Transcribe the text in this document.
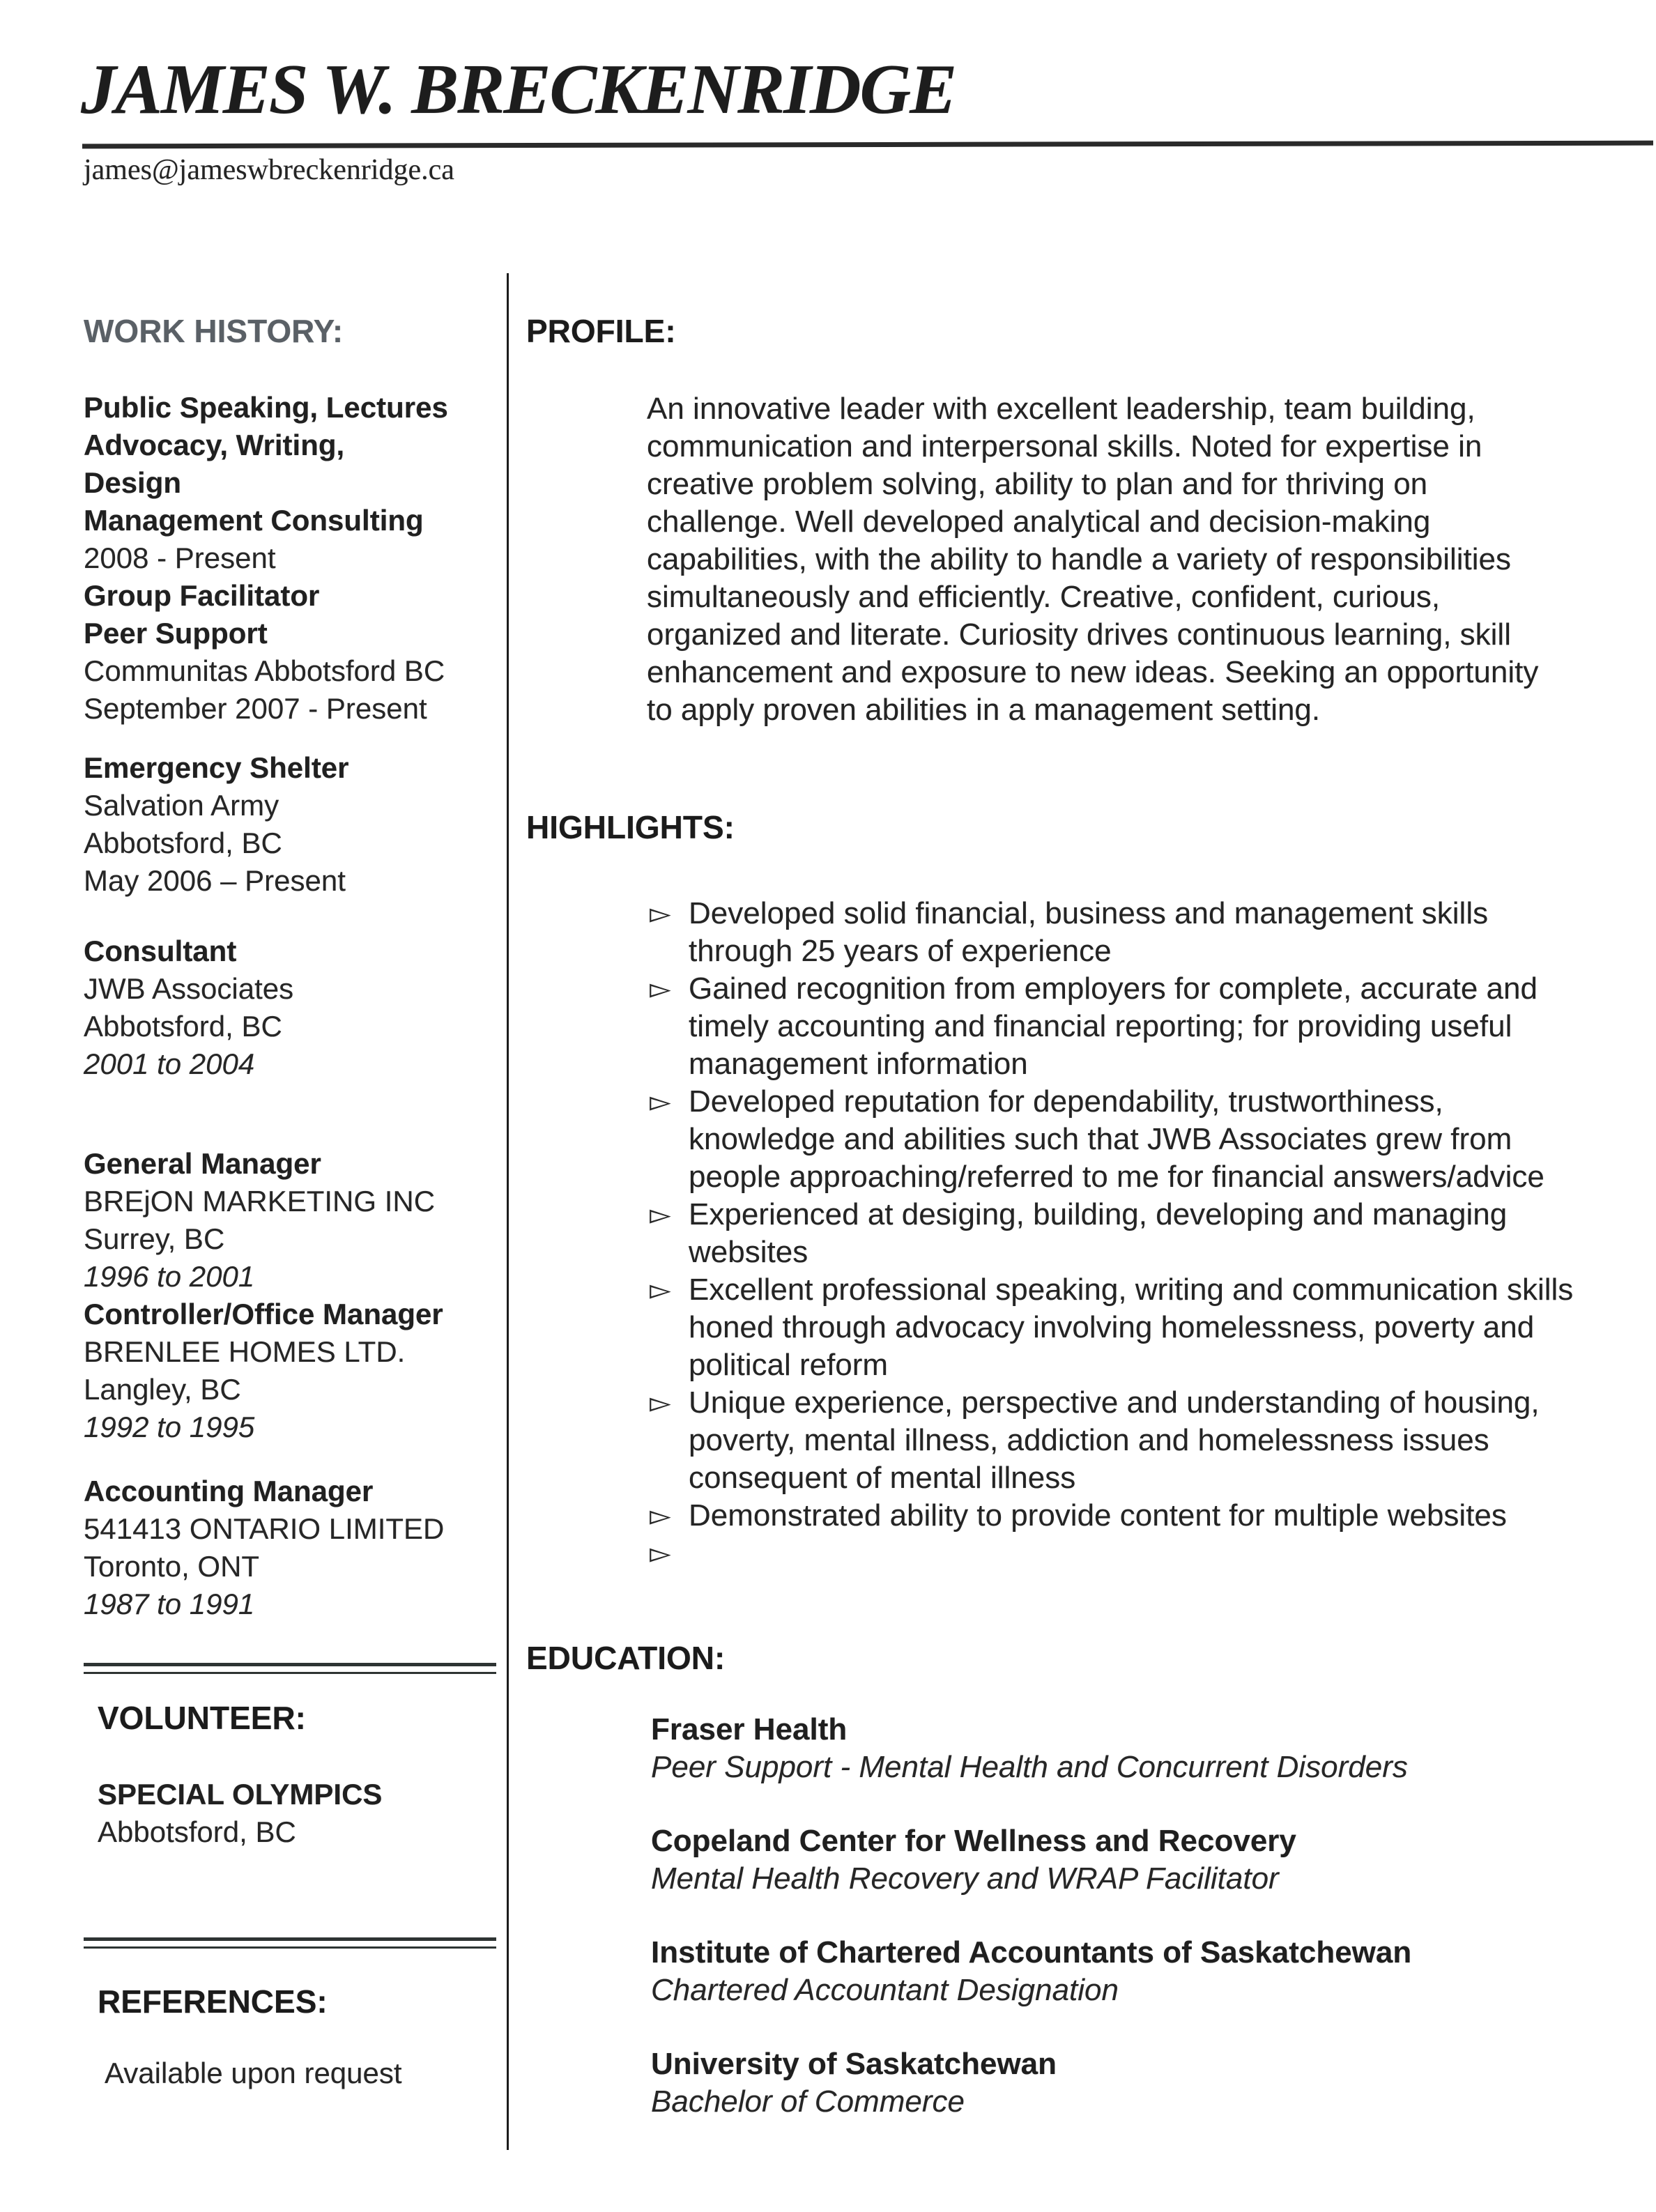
JAMES W. BRECKENRIDGE
james@jameswbreckenridge.ca
WORK HISTORY:
Public Speaking, Lectures
Advocacy, Writing,
Design
Management Consulting
2008 - Present
Group Facilitator
Peer Support
Communitas Abbotsford BC
September 2007 - Present
Emergency Shelter
Salvation Army
Abbotsford, BC
May 2006 – Present
Consultant
JWB Associates
Abbotsford, BC
2001 to 2004
General Manager
BREjON MARKETING INC
Surrey, BC
1996 to 2001
Controller/Office Manager
BRENLEE HOMES LTD.
Langley, BC
1992 to 1995
Accounting Manager
541413 ONTARIO LIMITED
Toronto, ONT
1987 to 1991
VOLUNTEER:
SPECIAL OLYMPICS
Abbotsford, BC
REFERENCES:
Available upon request
PROFILE:
An innovative leader with excellent leadership, team building, communication and interpersonal skills. Noted for expertise in creative problem solving, ability to plan and for thriving on challenge. Well developed analytical and decision-making capabilities, with the ability to handle a variety of responsibilities simultaneously and efficiently. Creative, confident, curious, organized and literate. Curiosity drives continuous learning, skill enhancement and exposure to new ideas. Seeking an opportunity to apply proven abilities in a management setting.
HIGHLIGHTS:
▻ Developed solid financial, business and management skills through 25 years of experience
▻ Gained recognition from employers for complete, accurate and timely accounting and financial reporting; for providing useful management information
▻ Developed reputation for dependability, trustworthiness, knowledge and abilities such that JWB Associates grew from people approaching/referred to me for financial answers/advice
▻ Experienced at desiging, building, developing and managing websites
▻ Excellent professional speaking, writing and communication skills honed through advocacy involving homelessness, poverty and political reform
▻ Unique experience, perspective and understanding of housing, poverty, mental illness, addiction and homelessness issues consequent of mental illness
▻ Demonstrated ability to provide content for multiple websites
▻
EDUCATION:
Fraser Health
Peer Support - Mental Health and Concurrent Disorders
Copeland Center for Wellness and Recovery
Mental Health Recovery and WRAP Facilitator
Institute of Chartered Accountants of Saskatchewan
Chartered Accountant Designation
University of Saskatchewan
Bachelor of Commerce
